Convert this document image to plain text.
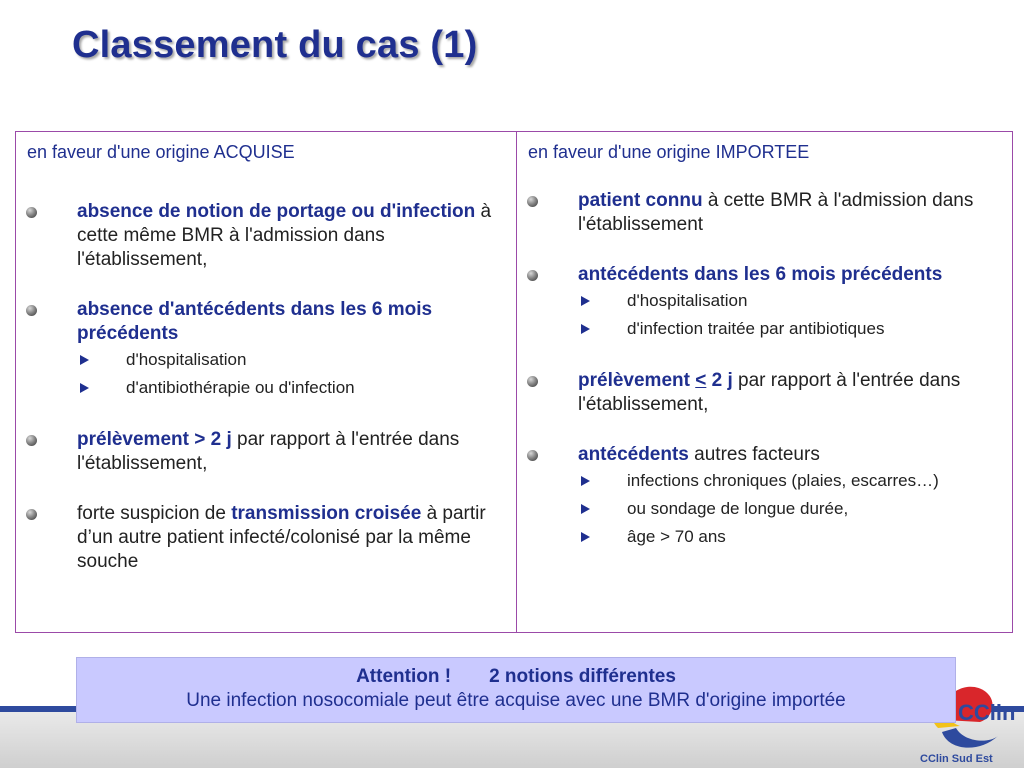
Classement du cas (1)
en faveur d'une origine ACQUISE
absence de notion de portage ou d'infection à cette même BMR à l'admission dans l'établissement,
absence d'antécédents dans les 6 mois précédents
d'hospitalisation
d'antibiothérapie ou d'infection
prélèvement > 2 j par rapport à l'entrée dans l'établissement,
forte suspicion de transmission croisée à partir d’un autre patient infecté/colonisé par la même souche
en faveur d'une origine IMPORTEE
patient connu à cette BMR à l'admission dans l'établissement
antécédents dans les 6 mois précédents
d'hospitalisation
d'infection traitée par antibiotiques
prélèvement < 2 j par rapport à l'entrée dans l'établissement,
antécédents autres facteurs
infections chroniques (plaies, escarres…)
ou sondage de longue durée,
âge > 70 ans
CClin
CClin Sud Est
Attention ! 2 notions différentes
Une infection nosocomiale peut être acquise avec une BMR d'origine importée
